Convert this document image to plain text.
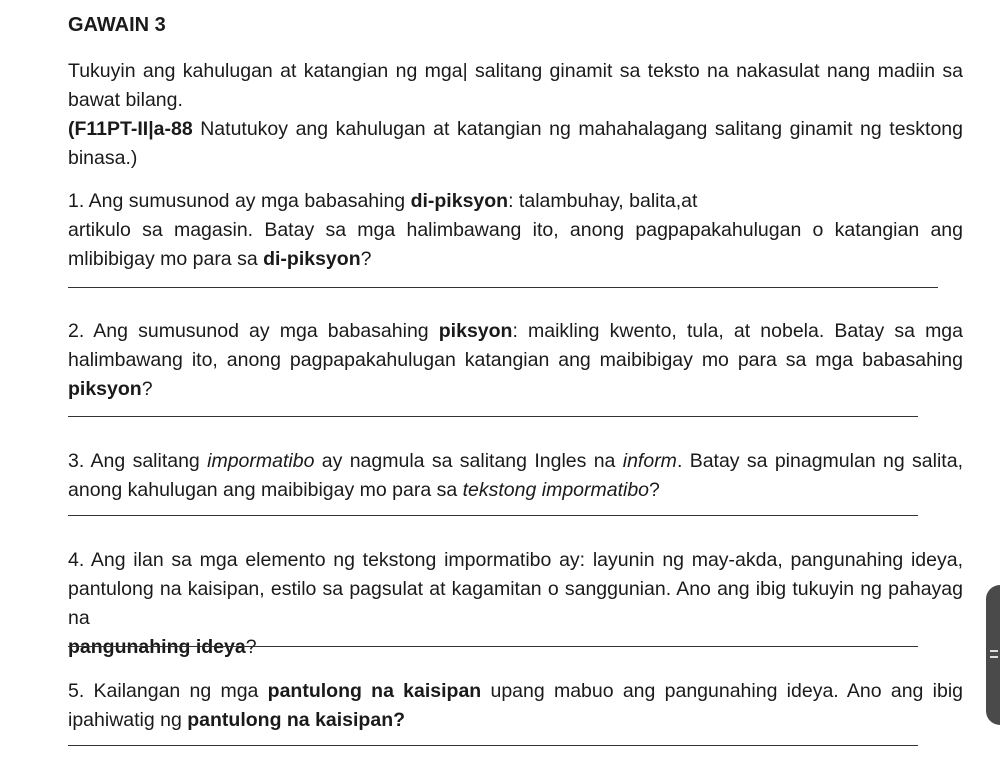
GAWAIN 3
Tukuyin ang kahulugan at katangian ng mga| salitang ginamit sa teksto na nakasulat nang madiin sa
bawat bilang.
(F11PT-II|a-88 Natutukoy ang kahulugan at katangian ng mahahalagang salitang ginamit ng tesktong
binasa.)
1. Ang sumusunod ay mga babasahing di-piksyon: talambuhay, balita,at
artikulo sa magasin. Batay sa mga halimbawang ito, anong pagpapakahulugan o katangian ang
mlibibigay mo para sa di-piksyon?
2. Ang sumusunod ay mga babasahing piksyon: maikling kwento, tula, at nobela. Batay sa mga
halimbawang ito, anong pagpapakahulugan katangian ang maibibigay mo para sa mga babasahing
piksyon?
3. Ang salitang impormatibo ay nagmula sa salitang Ingles na inform. Batay sa pinagmulan ng salita,
anong kahulugan ang maibibigay mo para sa tekstong impormatibo?
4. Ang ilan sa mga elemento ng tekstong impormatibo ay: layunin ng may-akda, pangunahing ideya,
pantulong na kaisipan, estilo sa pagsulat at kagamitan o sanggunian. Ano ang ibig tukuyin ng pahayag na
pangunahing ideya?
5. Kailangan ng mga pantulong na kaisipan upang mabuo ang pangunahing ideya. Ano ang ibig
ipahiwatig ng pantulong na kaisipan?
